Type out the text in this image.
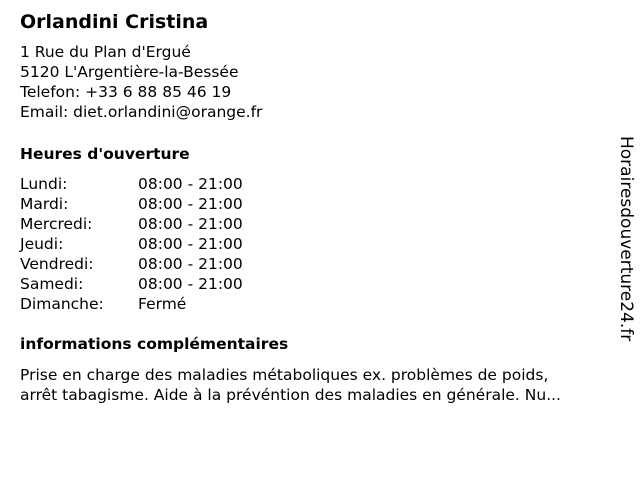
Orlandini Cristina
1 Rue du Plan d'Ergué
5120 L'Argentière-la-Bessée
Telefon: +33 6 88 85 46 19
Email: diet.orlandini@orange.fr
Heures d'ouverture
Lundi:	08:00 - 21:00
Mardi:	08:00 - 21:00
Mercredi:	08:00 - 21:00
Jeudi:	08:00 - 21:00
Vendredi:	08:00 - 21:00
Samedi:	08:00 - 21:00
Dimanche:	Fermé
informations complémentaires
Prise en charge des maladies métaboliques ex. problèmes de poids,
arrêt tabagisme. Aide à la prévéntion des maladies en générale. Nu...
Horairesdouverture24.fr
